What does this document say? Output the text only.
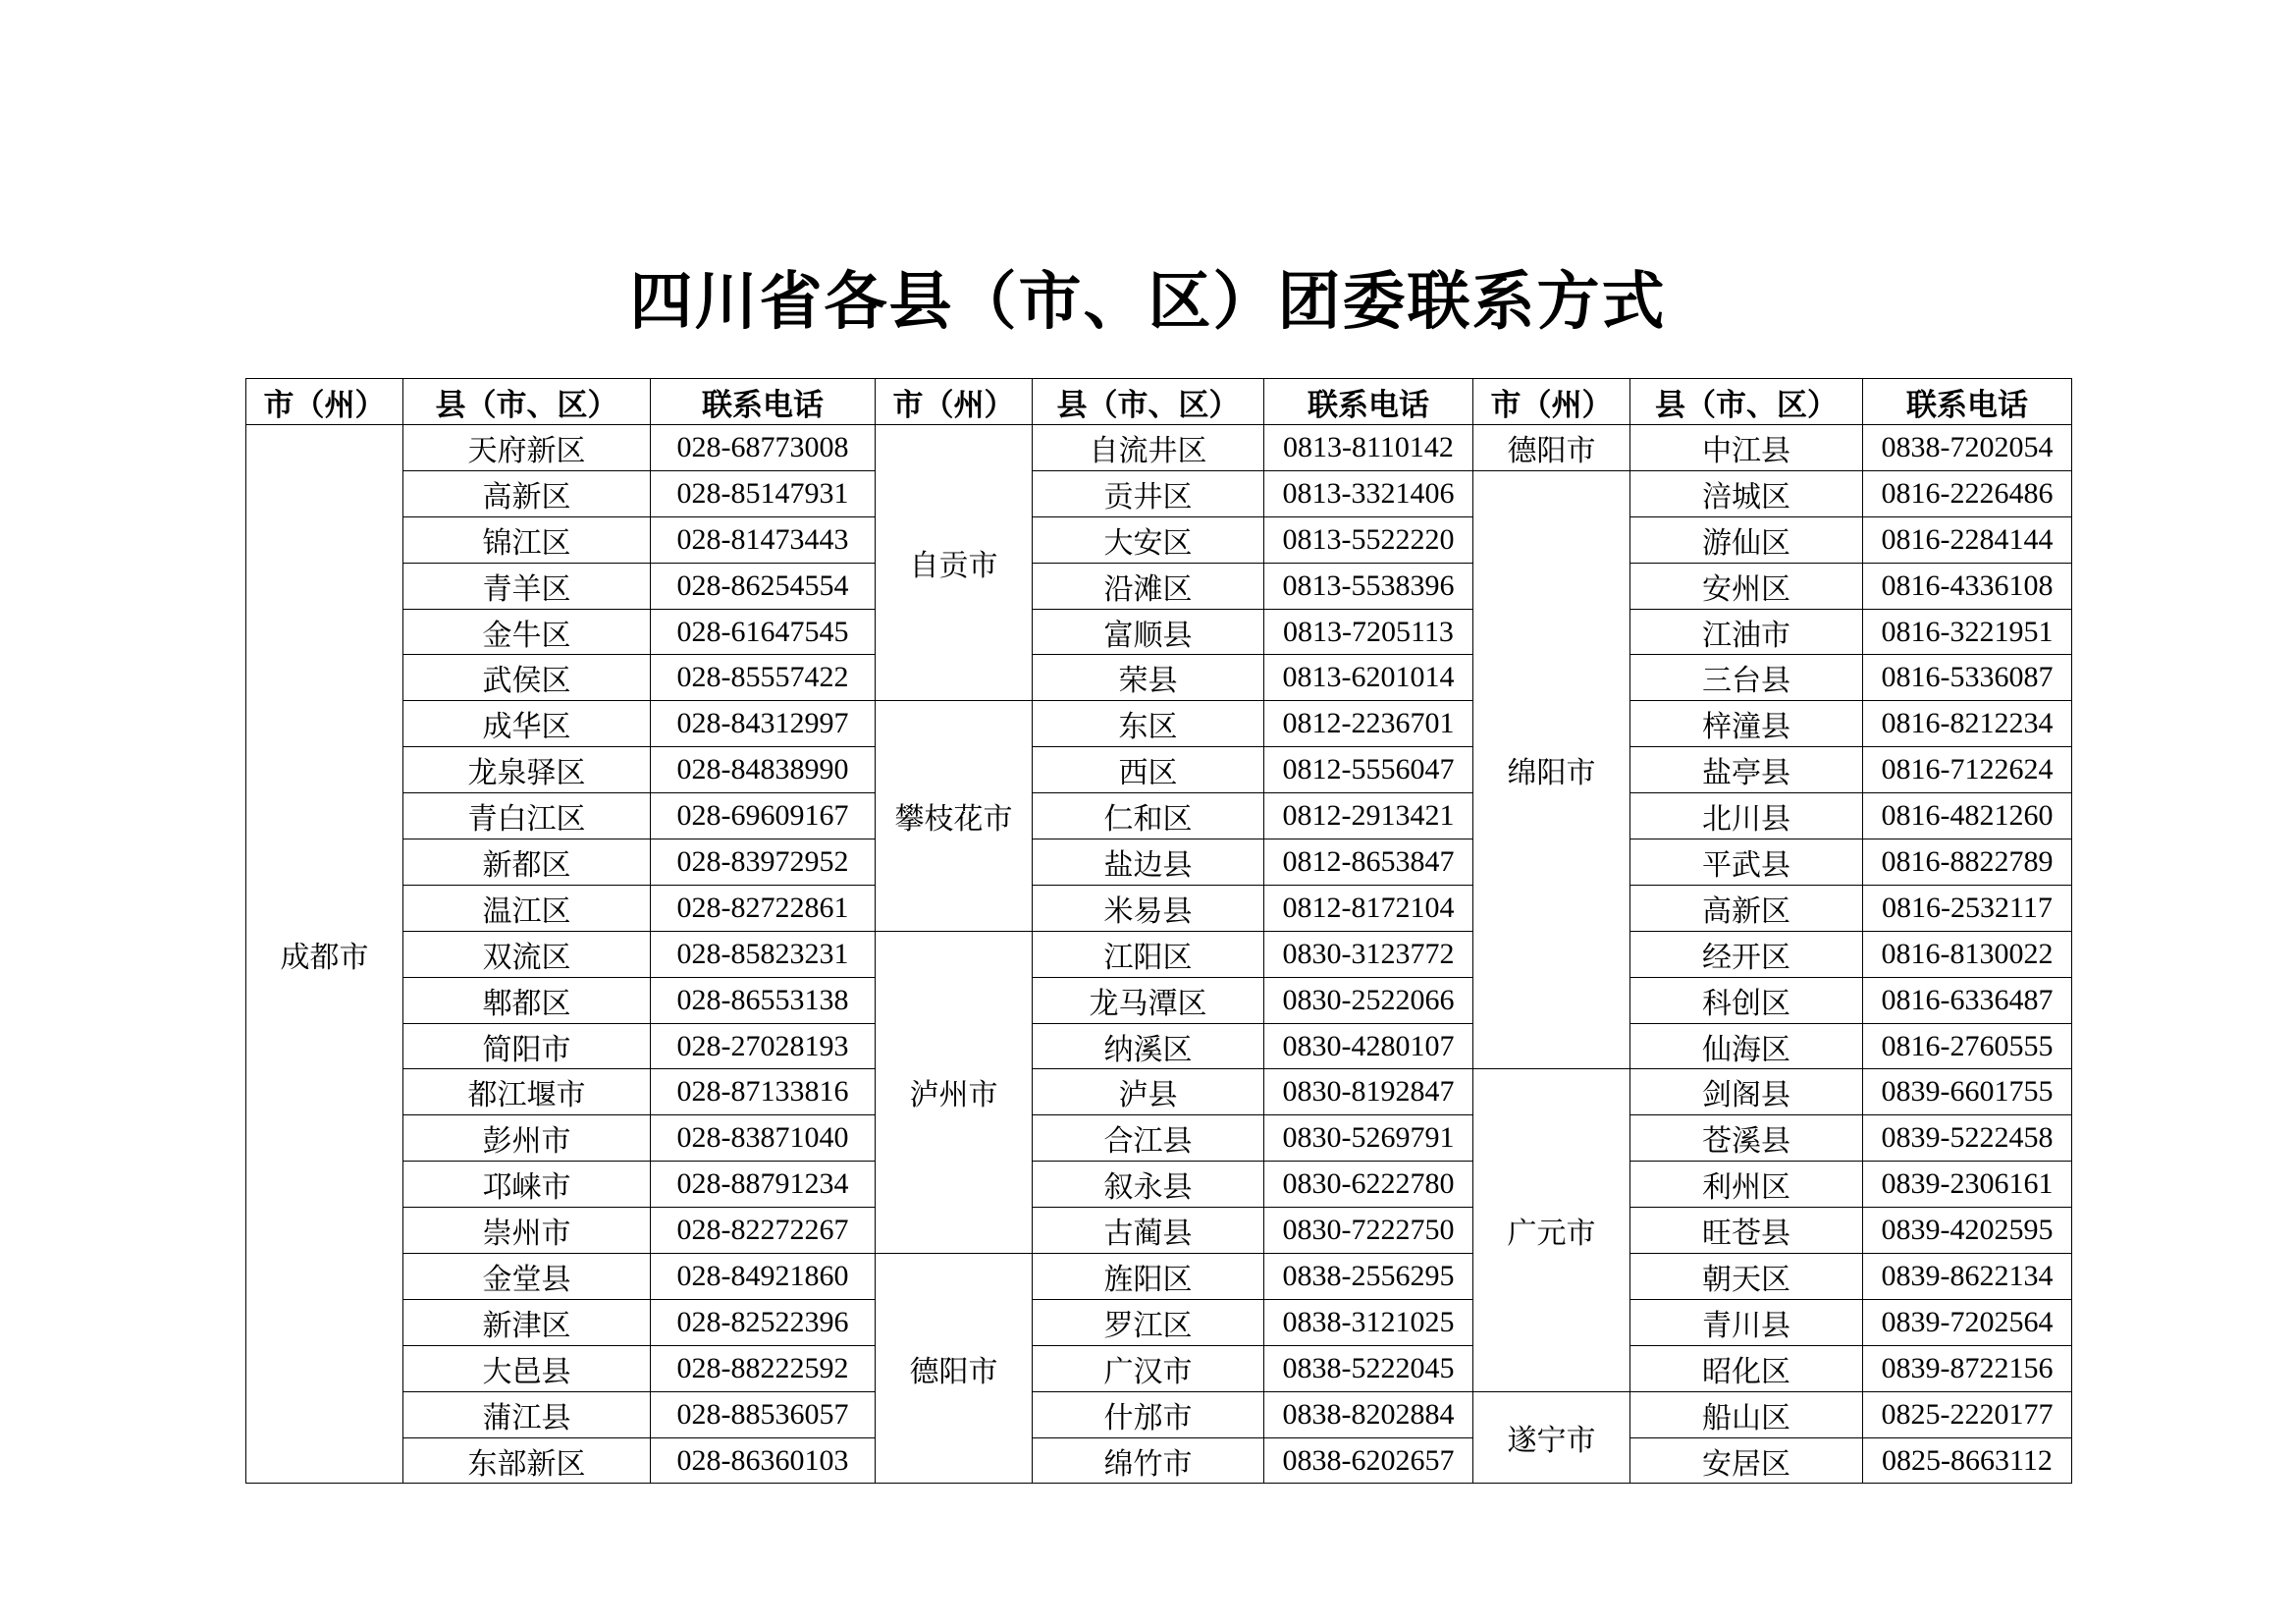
四川省各县（市、区）团委联系方式
市（州）	县（市、区）	联系电话	市（州）	县（市、区）	联系电话	市（州）	县（市、区）	联系电话
成都市	天府新区	028-68773008	自贡市	自流井区	0813-8110142	德阳市	中江县	0838-7202054
	高新区	028-85147931		贡井区	0813-3321406	绵阳市	涪城区	0816-2226486
	锦江区	028-81473443		大安区	0813-5522220		游仙区	0816-2284144
	青羊区	028-86254554		沿滩区	0813-5538396		安州区	0816-4336108
	金牛区	028-61647545		富顺县	0813-7205113		江油市	0816-3221951
	武侯区	028-85557422		荣县	0813-6201014		三台县	0816-5336087
	成华区	028-84312997	攀枝花市	东区	0812-2236701		梓潼县	0816-8212234
	龙泉驿区	028-84838990		西区	0812-5556047		盐亭县	0816-7122624
	青白江区	028-69609167		仁和区	0812-2913421		北川县	0816-4821260
	新都区	028-83972952		盐边县	0812-8653847		平武县	0816-8822789
	温江区	028-82722861		米易县	0812-8172104		高新区	0816-2532117
	双流区	028-85823231	泸州市	江阳区	0830-3123772		经开区	0816-8130022
	郫都区	028-86553138		龙马潭区	0830-2522066		科创区	0816-6336487
	简阳市	028-27028193		纳溪区	0830-4280107		仙海区	0816-2760555
	都江堰市	028-87133816		泸县	0830-8192847	广元市	剑阁县	0839-6601755
	彭州市	028-83871040		合江县	0830-5269791		苍溪县	0839-5222458
	邛崃市	028-88791234		叙永县	0830-6222780		利州区	0839-2306161
	崇州市	028-82272267		古蔺县	0830-7222750		旺苍县	0839-4202595
	金堂县	028-84921860	德阳市	旌阳区	0838-2556295		朝天区	0839-8622134
	新津区	028-82522396		罗江区	0838-3121025		青川县	0839-7202564
	大邑县	028-88222592		广汉市	0838-5222045		昭化区	0839-8722156
	蒲江县	028-88536057		什邡市	0838-8202884	遂宁市	船山区	0825-2220177
	东部新区	028-86360103		绵竹市	0838-6202657		安居区	0825-8663112
